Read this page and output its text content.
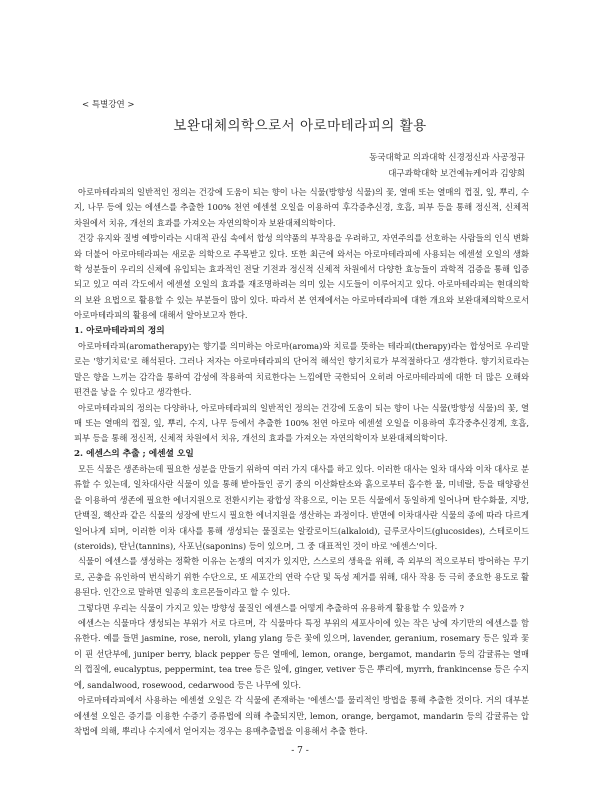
< 특별강연 >
보완대체의학으로서 아로마테라피의 활용
동국대학교 의과대학 신경정신과 사공정규
대구과학대학 보건예뉴케어과 김양희

아로마테라피의 일반적인 정의는 건강에 도움이 되는 향이 나는 식물(방향성 식물)의 꽃, 열매 또는 열매의 껍질, 잎, 뿌리, 수지, 나무 등에 있는 에센스를 추출한 100% 천연 에센셜 오일을 이용하여 후각증추신경, 호흡, 피부 등을 통해 정신적, 신체적 차원에서 치유, 개선의 효과를 가져오는 자연의학이자 보완대체의학이다.

건강 유지와 질병 예방이라는 시대적 관심 속에서 합성 의약품의 부작용을 우려하고, 자연주의를 선호하는 사람들의 인식 변화와 더불어 아로마테라피는 새로운 의학으로 주목받고 있다. 또한 최근에 와서는 아로마테라피에 사용되는 에센셜 오일의 생화학 성분들이 우리의 신체에 유입되는 효과적인 전달 기전과 정신적 신체적 차원에서 다양한 효능들이 과학적 검증을 통해 입증되고 있고 여러 각도에서 에센셜 오일의 효과를 재조명하려는 의미 있는 시도들이 이루어지고 있다. 아로마테라피는 현대의학의 보완 요법으로 활용할 수 있는 부분들이 많이 있다. 따라서 본 연제에서는 아로마테라피에 대한 개요와 보완대체의학으로서 아로마테라피의 활용에 대해서 알아보고자 한다.

1. 아로마테라피의 정의

아로마테라피(aromatherapy)는 향기를 의미하는 아로마(aroma)와 치료를 뜻하는 테라피(therapy)라는 합성어로 우리말로는 '향기치료'로 해석된다. 그러나 저자는 아로마테라피의 단어적 해석인 향기치료가 부적절하다고 생각한다. 향기치료라는 말은 향을 느끼는 감각을 통하여 감성에 작용하여 치료한다는 느낌에만 국한되어 오히려 아로마테라피에 대한 더 많은 오해와 편견을 낳을 수 있다고 생각한다.

아로마테라피의 정의는 다양하나, 아로마테라피의 일반적인 정의는 건강에 도움이 되는 향이 나는 식물(방향성 식물)의 꽃, 열매 또는 열매의 껍질, 잎, 뿌리, 수지, 나무 등에서 추출한 100% 천연 아로마 에센셜 오일을 이용하여 후각중추신경계, 호흡, 피부 등을 통해 정신적, 신체적 차원에서 치유, 개선의 효과를 가져오는 자연의학이자 보완대체의학이다.

2. 에센스의 추출 ; 에센셜 오일

모든 식물은 생존하는데 필요한 성분을 만들기 위하여 여러 가지 대사를 하고 있다. 이러한 대사는 일차 대사와 이차 대사로 분류할 수 있는데, 일차대사란 식물이 있을 통해 받아들인 공기 중의 이산화탄소와 흙으로부터 흡수한 물, 미네랄, 등을 태양광선을 이용하여 생존에 필요한 에너지원으로 전환시키는 광합성 작용으로, 이는 모든 식물에서 동일하게 일어나며 탄수화물, 지방, 단백질, 핵산과 같은 식물의 성장에 반드시 필요한 에너지원을 생산하는 과정이다. 반면에 이차대사란 식물의 종에 따라 다르게 일어나게 되며, 이러한 이차 대사를 통해 생성되는 물질로는 알칼로이드(alkaloid), 글루코사이드(glucosides), 스테로이드(steroids), 탄닌(tannins), 사포닌(saponins) 등이 있으며, 그 중 대표적인 것이 바로 '에센스'이다.

식물이 에센스를 생성하는 정확한 이유는 논쟁의 여지가 있지만, 스스로의 생육을 위해, 즉 외부의 적으로부터 방어하는 무기로, 곤충을 유인하여 번식하기 위한 수단으로, 또 세포간의 연락 수단 및 독성 제거를 위해, 대사 작용 등 극히 중요한 용도로 활용된다. 인간으로 말하면 일종의 호르몬들이라고 할 수 있다.

그렇다면 우리는 식물이 가지고 있는 방향성 물질인 에센스를 어떻게 추출하여 유용하게 활용할 수 있을까 ?

에센스는 식물마다 생성되는 부위가 서로 다르며, 각 식물마다 특정 부위의 세포사이에 있는 작은 낭에 자기만의 에센스를 함유한다. 예를 들면 jasmine, rose, neroli, ylang ylang 등은 꽃에 있으며, lavender, geranium, rosemary 등은 잎과 꽃이 핀 선단부에, juniper berry, black pepper 등은 열매에, lemon, orange, bergamot, mandarin 등의 감귤류는 열매의 껍질에, eucalyptus, peppermint, tea tree 등은 잎에, ginger, vetiver 등은 뿌리에, myrrh, frankincense 등은 수지에, sandalwood, rosewood, cedarwood 등은 나무에 있다.

아로마테라피에서 사용하는 에센셜 오일은 각 식물에 존재하는 '에센스'를 물리적인 방법을 통해 추출한 것이다. 거의 대부분 에센셜 오일은 증기를 이용한 수증기 증류법에 의해 추출되지만, lemon, orange, bergamot, mandarin 등의 감귤류는 압착법에 의해, 뿌리나 수지에서 얻어지는 경우는 용매추출법을 이용해서 추출 한다.

- 7 -
